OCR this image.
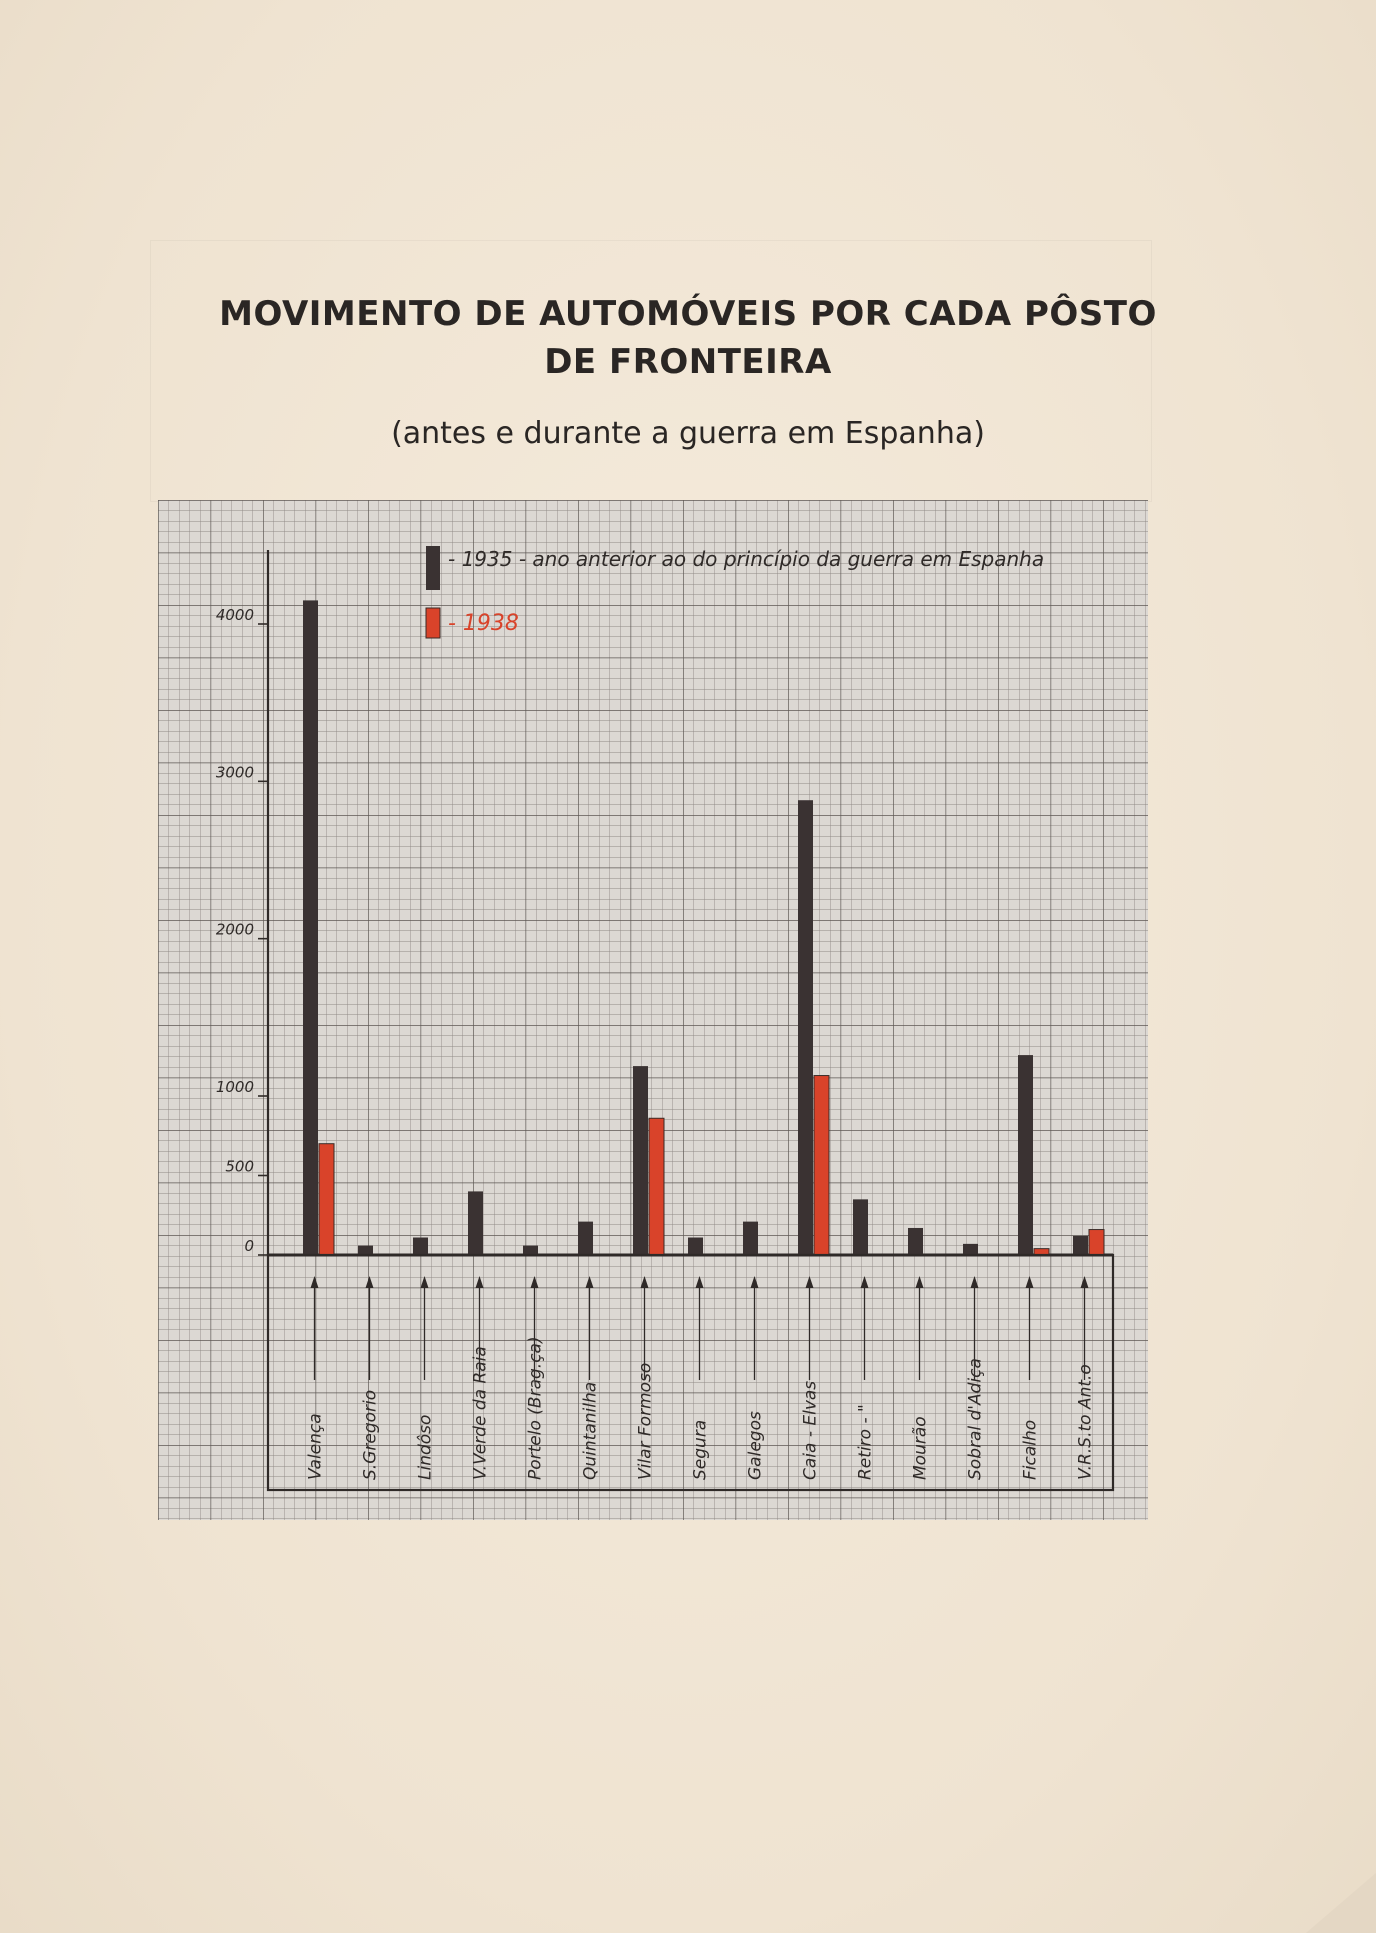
MOVIMENTO DE AUTOMÓVEIS POR CADA PÔSTO
DE FRONTEIRA
(antes e durante a guerra em Espanha)
0
500
1000
2000
3000
4000
Valença S.Gregorio Lindôso V.Verde da Raia Portelo (Brag.ça) Quintanilha Vilar Formoso Segura Galegos Caia - Elvas Retiro - " Mourão Sobral d'Adiça Ficalho V.R.S.to Ant.o
- 1935 - ano anterior ao do princípio da guerra em Espanha
- 1938
